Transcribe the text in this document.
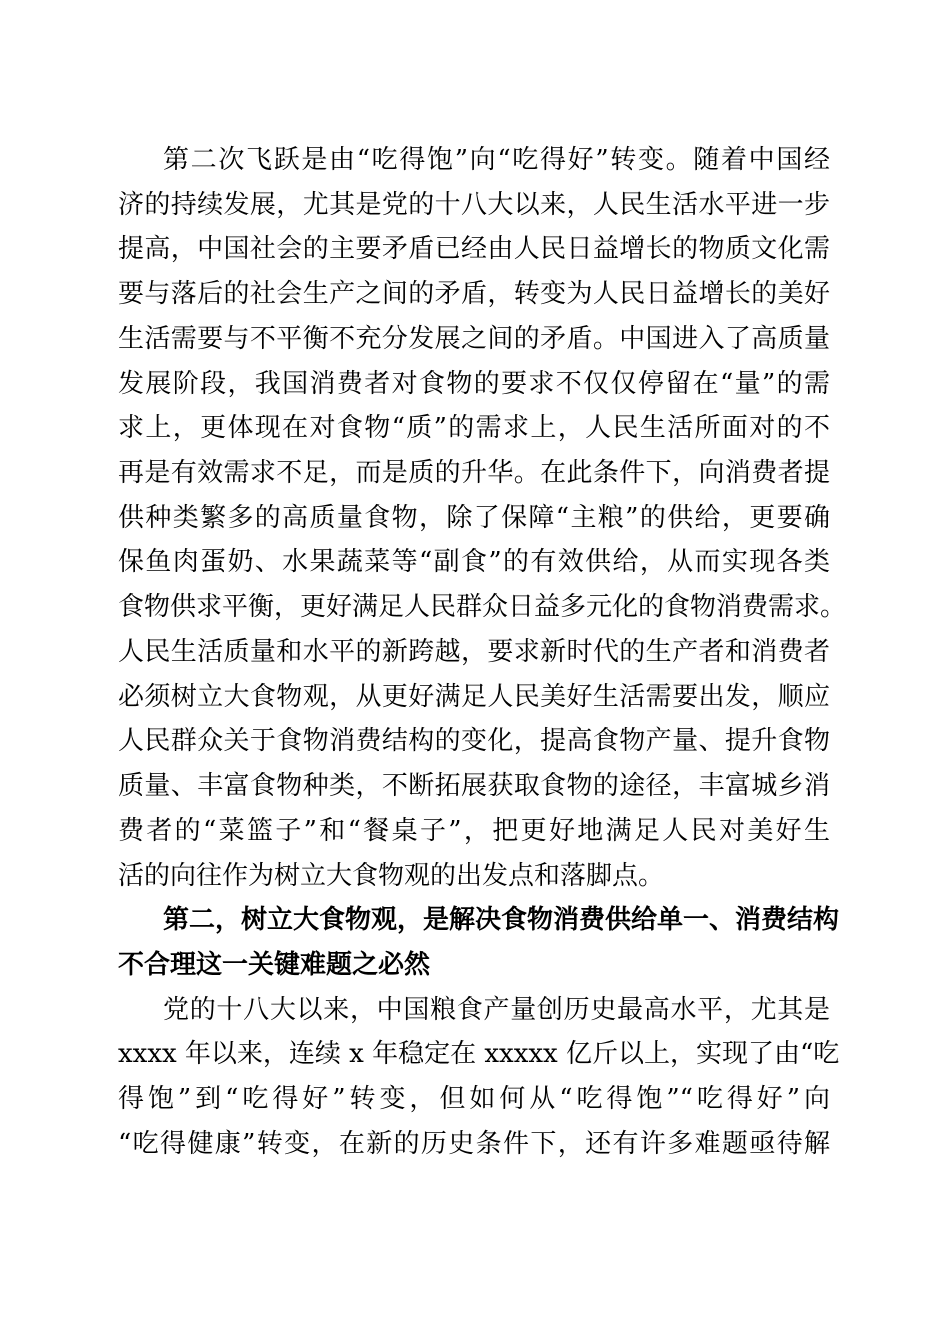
第二次飞跃是由“吃得饱”向“吃得好”转变。随着中国经
济的持续发展，尤其是党的十八大以来，人民生活水平进一步
提高，中国社会的主要矛盾已经由人民日益增长的物质文化需
要与落后的社会生产之间的矛盾，转变为人民日益增长的美好
生活需要与不平衡不充分发展之间的矛盾。中国进入了高质量
发展阶段，我国消费者对食物的要求不仅仅停留在“量”的需
求上，更体现在对食物“质”的需求上，人民生活所面对的不
再是有效需求不足，而是质的升华。在此条件下，向消费者提
供种类繁多的高质量食物，除了保障“主粮”的供给，更要确
保鱼肉蛋奶、水果蔬菜等“副食”的有效供给，从而实现各类
食物供求平衡，更好满足人民群众日益多元化的食物消费需求。
人民生活质量和水平的新跨越，要求新时代的生产者和消费者
必须树立大食物观，从更好满足人民美好生活需要出发，顺应
人民群众关于食物消费结构的变化，提高食物产量、提升食物
质量、丰富食物种类，不断拓展获取食物的途径，丰富城乡消
费者的“菜篮子”和“餐桌子”，把更好地满足人民对美好生
活的向往作为树立大食物观的出发点和落脚点。
第二，树立大食物观，是解决食物消费供给单一、消费结构
不合理这一关键难题之必然
党的十八大以来，中国粮食产量创历史最高水平，尤其是
xxxx 年以来，连续 x 年稳定在 xxxxx 亿斤以上，实现了由“吃
得饱”到“吃得好”转变，但如何从“吃得饱”“吃得好”向
“吃得健康”转变，在新的历史条件下，还有许多难题亟待解
